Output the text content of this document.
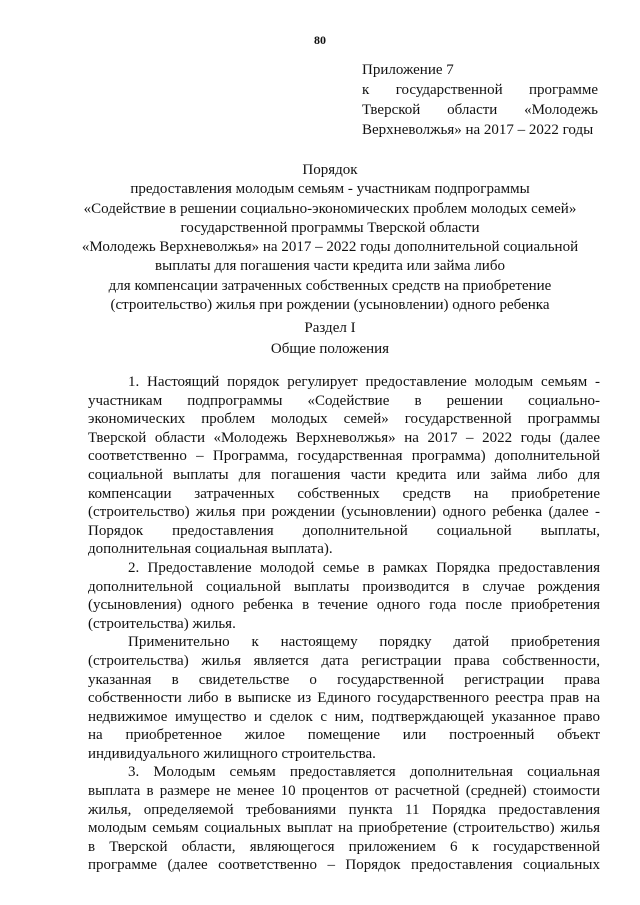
80
Приложение 7
к государственной программе
Тверской области «Молодежь
Верхневолжья» на 2017 – 2022 годы
Порядок
предоставления молодым семьям - участникам подпрограммы
«Содействие в решении социально-экономических проблем молодых семей»
государственной программы Тверской области
«Молодежь Верхневолжья» на 2017 – 2022 годы дополнительной социальной
выплаты для погашения части кредита или займа либо
для компенсации затраченных собственных средств на приобретение
(строительство) жилья при рождении (усыновлении) одного ребенка
Раздел I
Общие положения
1. Настоящий порядок регулирует предоставление молодым семьям -
участникам подпрограммы «Содействие в решении социально-
экономических проблем молодых семей» государственной программы
Тверской области «Молодежь Верхневолжья» на 2017 – 2022 годы (далее
соответственно – Программа, государственная программа) дополнительной
социальной выплаты для погашения части кредита или займа либо для
компенсации затраченных собственных средств на приобретение
(строительство) жилья при рождении (усыновлении) одного ребенка (далее -
Порядок предоставления дополнительной социальной выплаты,
дополнительная социальная выплата).
2. Предоставление молодой семье в рамках Порядка предоставления
дополнительной социальной выплаты производится в случае рождения
(усыновления) одного ребенка в течение одного года после приобретения
(строительства) жилья.
Применительно к настоящему порядку датой приобретения
(строительства) жилья является дата регистрации права собственности,
указанная в свидетельстве о государственной регистрации права
собственности либо в выписке из Единого государственного реестра прав на
недвижимое имущество и сделок с ним, подтверждающей указанное право
на приобретенное жилое помещение или построенный объект
индивидуального жилищного строительства.
3. Молодым семьям предоставляется дополнительная социальная
выплата в размере не менее 10 процентов от расчетной (средней) стоимости
жилья, определяемой требованиями пункта 11 Порядка предоставления
молодым семьям социальных выплат на приобретение (строительство) жилья
в Тверской области, являющегося приложением 6 к государственной
программе (далее соответственно – Порядок предоставления социальных
